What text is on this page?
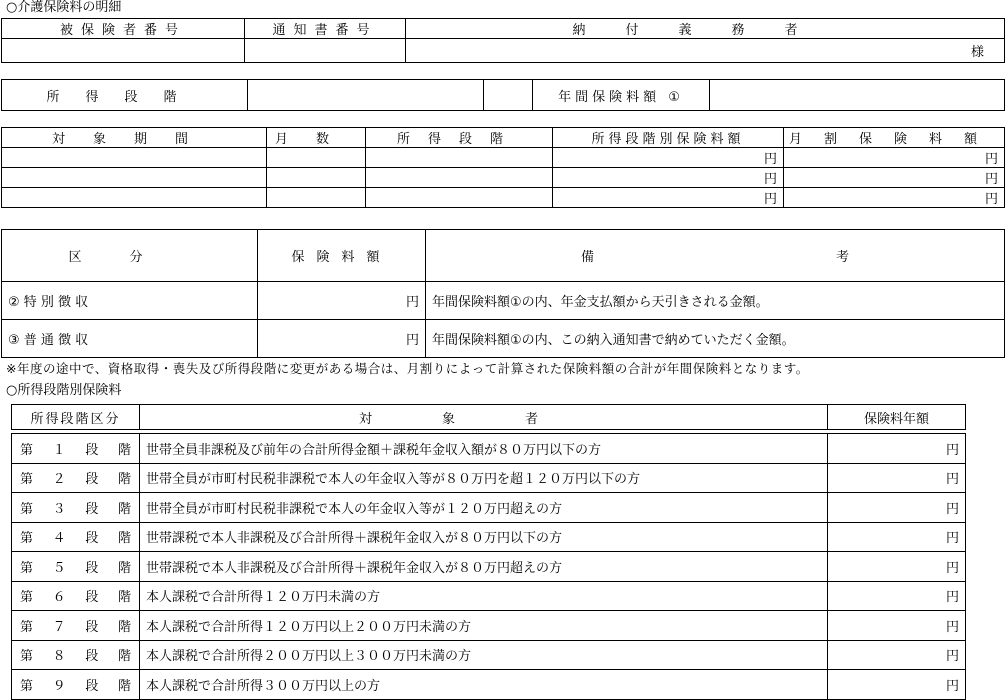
○介護保険料の明細
被保険者番号	通知書番号	納付義務者
		様
所得段階			年間保険料額 ①	
対象期間	月数	所得段階	所得段階別保険料額	月割保険料額
			円	円
			円	円
			円	円
区分	保険料額	備 考

② 特 別 徴 収	円	年間保険料額①の内、年金支払額から天引きされる金額。
③ 普 通 徴 収	円	年間保険料額①の内、この納入通知書で納めていただく金額。
※年度の途中で、資格取得・喪失及び所得段階に変更がある場合は、月割りによって計算された保険料額の合計が年間保険料となります。
○所得段階別保険料
所得段階区分	対象者	保険料年額
第 １ 段 階	世帯全員非課税及び前年の合計所得金額＋課税年金収入額が８０万円以下の方	円

第 ２ 段 階	世帯全員が市町村民税非課税で本人の年金収入等が８０万円を超１２０万円以下の方	円

第 ３ 段 階	世帯全員が市町村民税非課税で本人の年金収入等が１２０万円超えの方	円

第 ４ 段 階	世帯課税で本人非課税及び合計所得＋課税年金収入が８０万円以下の方	円

第 ５ 段 階	世帯課税で本人非課税及び合計所得＋課税年金収入が８０万円超えの方	円

第 ６ 段 階	本人課税で合計所得１２０万円未満の方	円

第 ７ 段 階	本人課税で合計所得１２０万円以上２００万円未満の方	円

第 ８ 段 階	本人課税で合計所得２００万円以上３００万円未満の方	円

第 ９ 段 階	本人課税で合計所得３００万円以上の方	円
